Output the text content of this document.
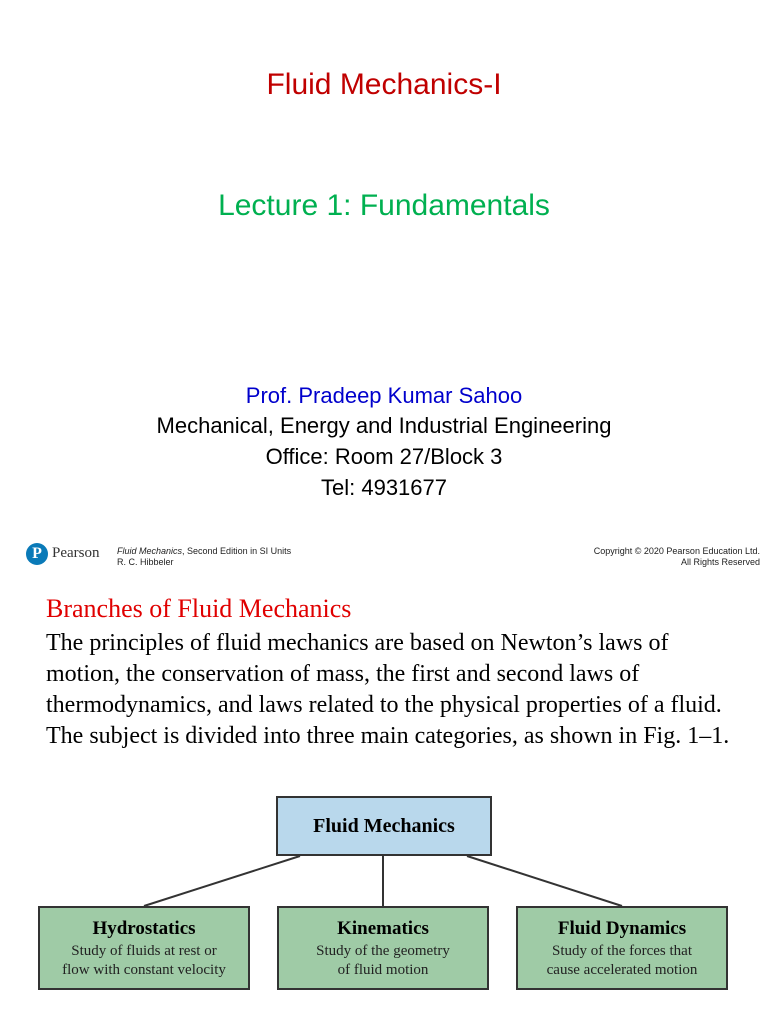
Fluid Mechanics-I
Lecture 1: Fundamentals
Prof. Pradeep Kumar Sahoo
Mechanical, Energy and Industrial Engineering
Office: Room 27/Block 3
Tel: 4931677
P Pearson Fluid Mechanics, Second Edition in SI Units
R. C. Hibbeler
Copyright © 2020 Pearson Education Ltd.
All Rights Reserved
Branches of Fluid Mechanics

The principles of fluid mechanics are based on Newton’s laws of motion, the conservation of mass, the first and second laws of thermodynamics, and laws related to the physical properties of a fluid. The subject is divided into three main categories, as shown in Fig. 1–1.

Fluid Mechanics
Hydrostatics
Study of fluids at rest or
flow with constant velocity
Kinematics
Study of the geometry
of fluid motion
Fluid Dynamics
Study of the forces that
cause accelerated motion
